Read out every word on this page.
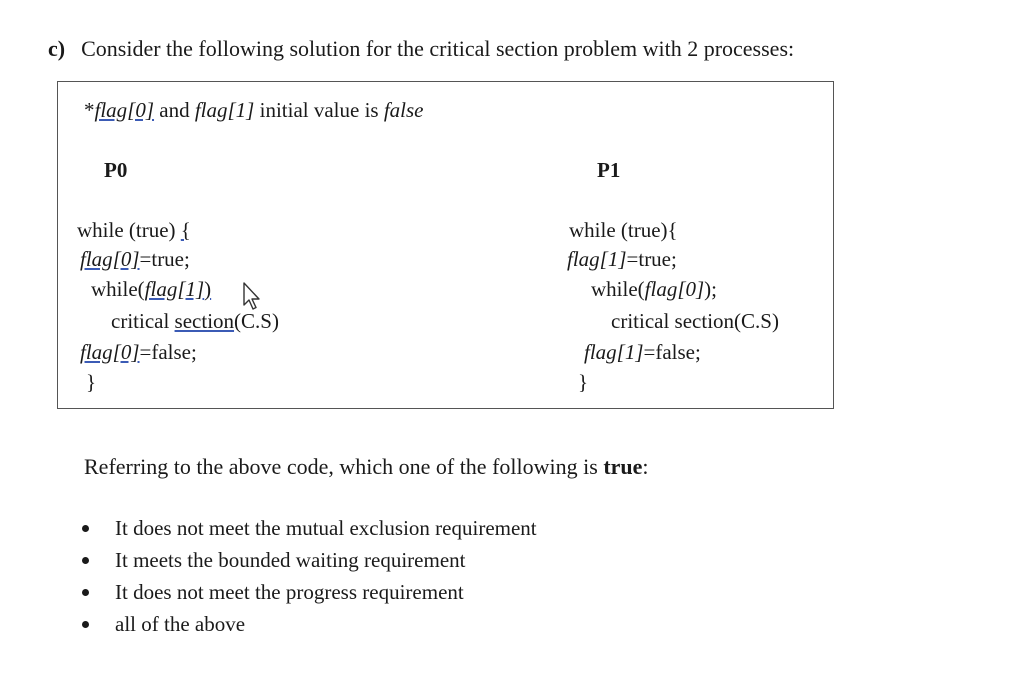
c) Consider the following solution for the critical section problem with 2 processes:
*flag[0] and flag[1] initial value is false
P0
while (true) {
flag[0]=true;
while(flag[1])
critical section(C.S)
flag[0]=false;
}
P1
while (true){
flag[1]=true;
while(flag[0]);
critical section(C.S)
flag[1]=false;
}
Referring to the above code, which one of the following is true:
It does not meet the mutual exclusion requirement
It meets the bounded waiting requirement
It does not meet the progress requirement
all of the above
